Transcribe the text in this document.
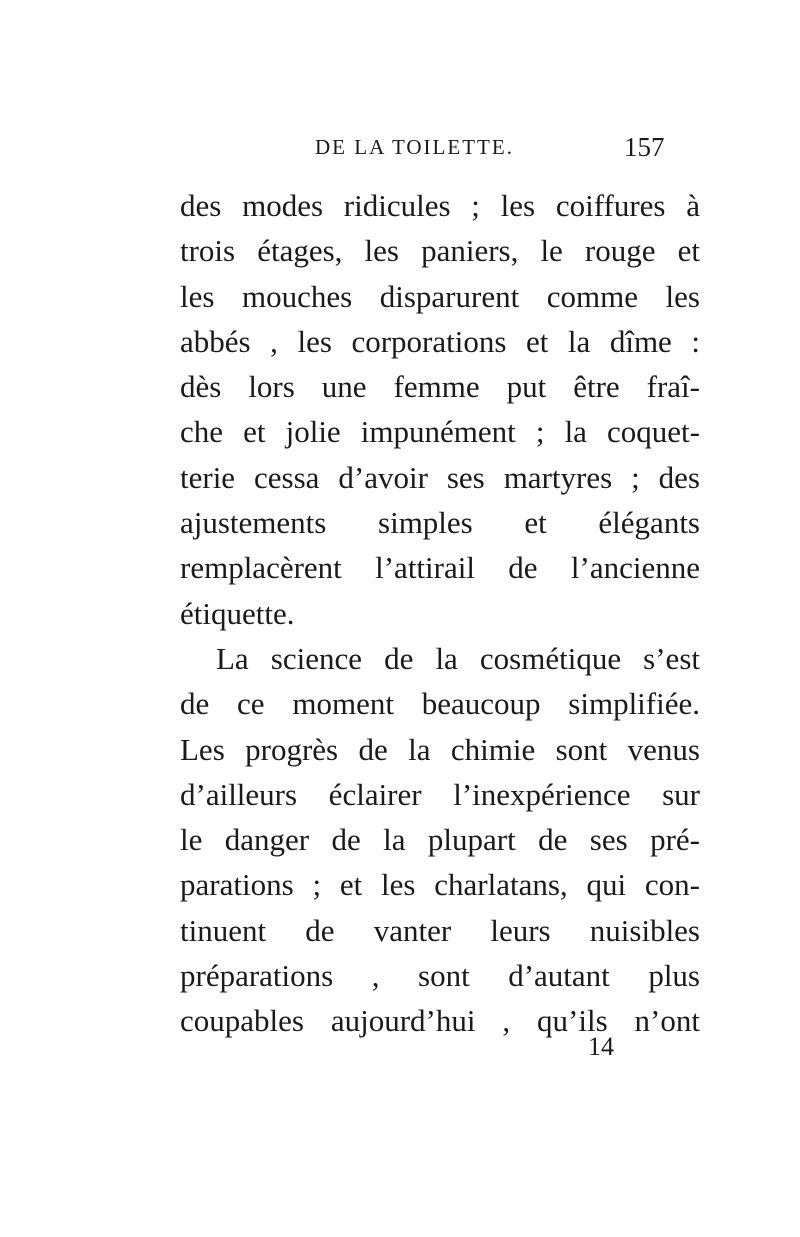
DE LA TOILETTE.	157
des modes ridicules ; les coiffures à
trois étages, les paniers, le rouge et
les mouches disparurent comme les
abbés , les corporations et la dîme :
dès lors une femme put être fraî-
che et jolie impunément ; la coquet-
terie cessa d’avoir ses martyres ; des
ajustements simples et élégants
remplacèrent l’attirail de l’ancienne
étiquette.
La science de la cosmétique s’est
de ce moment beaucoup simplifiée.
Les progrès de la chimie sont venus
d’ailleurs éclairer l’inexpérience sur
le danger de la plupart de ses pré-
parations ; et les charlatans, qui con-
tinuent de vanter leurs nuisibles
préparations , sont d’autant plus
coupables aujourd’hui , qu’ils n’ont
14
